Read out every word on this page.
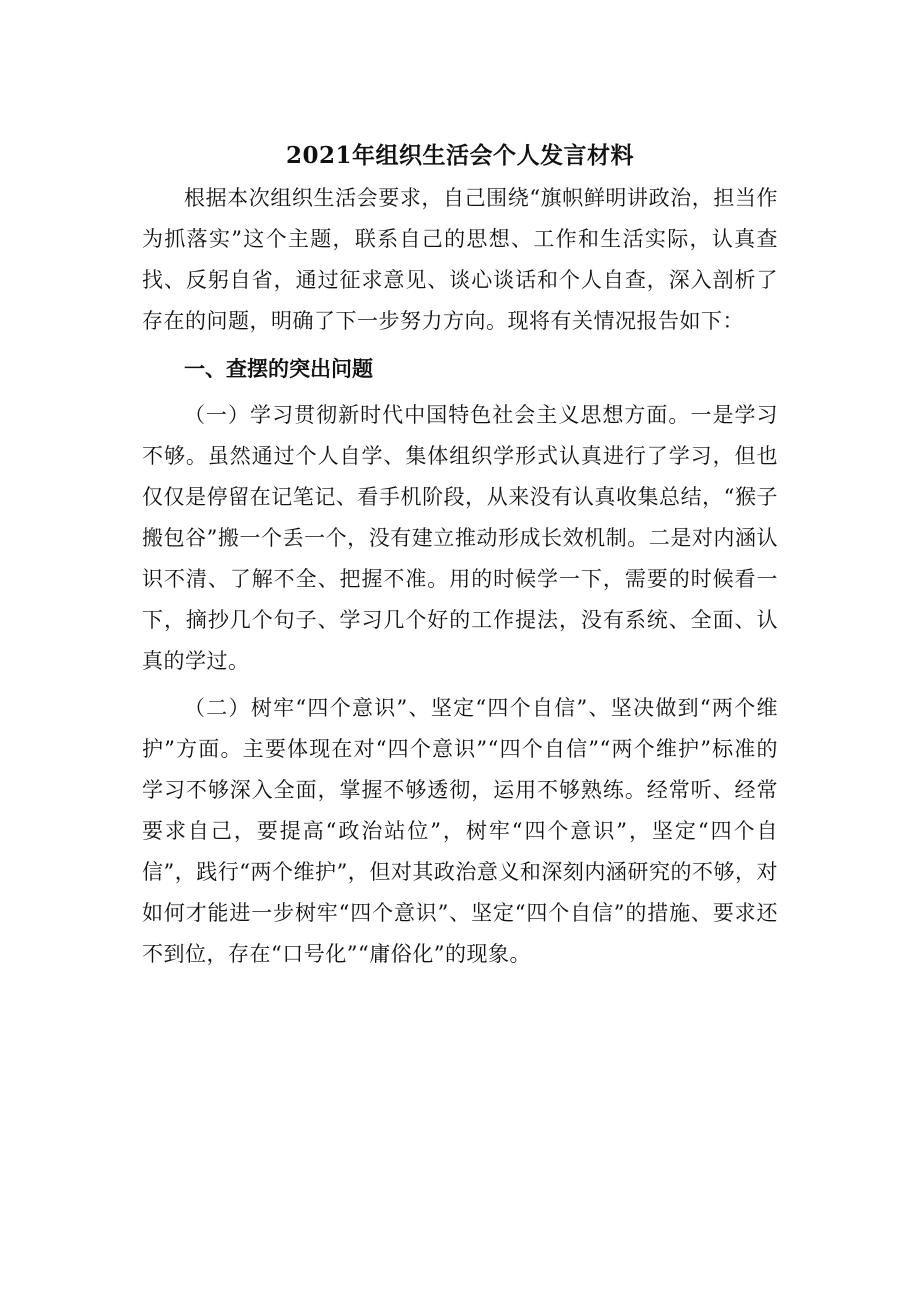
2021年组织生活会个人发言材料

根据本次组织生活会要求，自己围绕“旗帜鲜明讲政治，担当作为抓落实”这个主题，联系自己的思想、工作和生活实际，认真查找、反躬自省，通过征求意见、谈心谈话和个人自查，深入剖析了存在的问题，明确了下一步努力方向。现将有关情况报告如下：

一、查摆的突出问题

（一）学习贯彻新时代中国特色社会主义思想方面。一是学习不够。虽然通过个人自学、集体组织学形式认真进行了学习，但也仅仅是停留在记笔记、看手机阶段，从来没有认真收集总结，“猴子搬包谷”搬一个丢一个，没有建立推动形成长效机制。二是对内涵认识不清、了解不全、把握不准。用的时候学一下，需要的时候看一下，摘抄几个句子、学习几个好的工作提法，没有系统、全面、认真的学过。

（二）树牢“四个意识”、坚定“四个自信”、坚决做到“两个维护”方面。主要体现在对“四个意识”“四个自信”“两个维护”标准的学习不够深入全面，掌握不够透彻，运用不够熟练。经常听、经常要求自己，要提高“政治站位”，树牢“四个意识”，坚定“四个自信”，践行“两个维护”，但对其政治意义和深刻内涵研究的不够，对如何才能进一步树牢“四个意识”、坚定“四个自信”的措施、要求还不到位，存在“口号化”“庸俗化”的现象。
